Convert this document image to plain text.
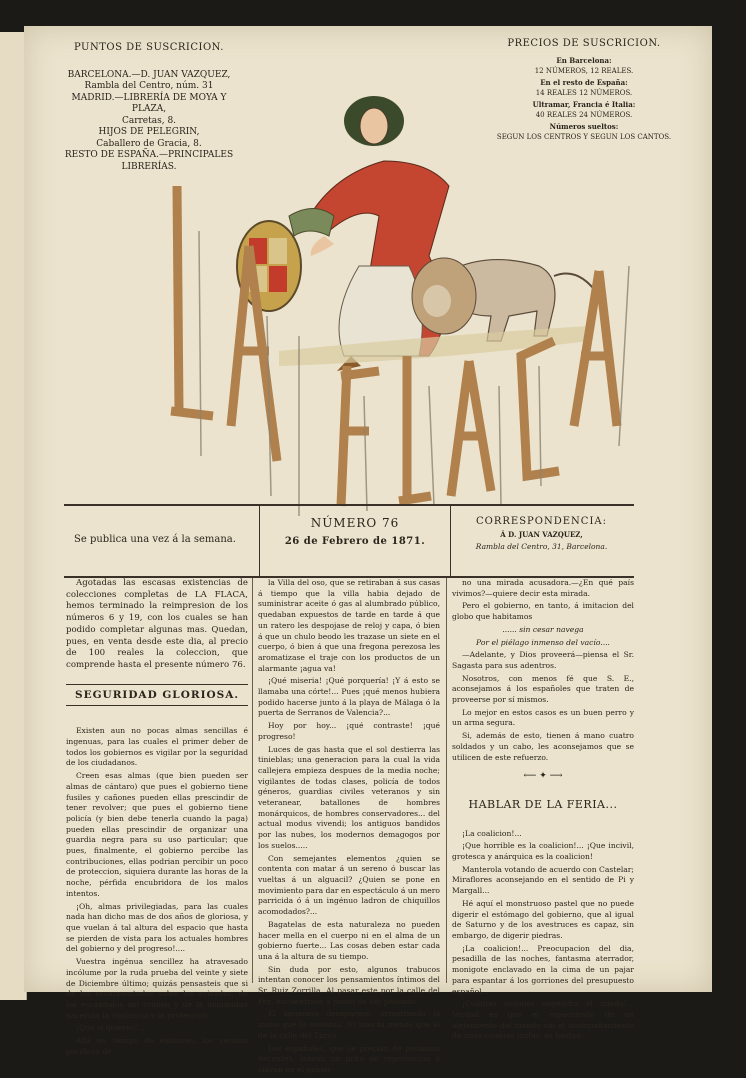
PUNTOS DE SUSCRICION.
BARCELONA.—D. JUAN VAZQUEZ,
Rambla del Centro, núm. 31
MADRID.—LIBRERÍA DE MOYA Y PLAZA,
Carretas, 8.
HIJOS DE PELEGRIN,
Caballero de Gracia, 8.
RESTO DE ESPAÑA.—PRINCIPALES
LIBRERÍAS.
PRECIOS DE SUSCRICION.
En Barcelona:
12 NÚMEROS, 12 REALES.
En el resto de España:
14 REALES 12 NÚMEROS.
Ultramar, Francia é Italia:
40 REALES 24 NÚMEROS.
Números sueltos:
SEGUN LOS CENTROS Y SEGUN LOS CANTOS.
LA FLACA
Se publica una vez á la semana.
NÚMERO 76
26 de Febrero de 1871.
CORRESPONDENCIA:
Á D. JUAN VAZQUEZ,
Rambla del Centro, 31, Barcelona.

Agotadas las escasas existencias de colecciones completas de LA FLACA, hemos terminado la reimpresion de los números 6 y 19, con los cuales se han podido completar algunas mas. Quedan, pues, en venta desde este dia, al precio de 100 reales la coleccion, que comprende hasta el presente número 76.

SEGURIDAD GLORIOSA.

Existen aun no pocas almas sencillas é ingenuas, para las cuales el primer deber de todos los gobiernos es vigilar por la seguridad de los ciudadanos.

Creen esas almas (que bien pueden ser almas de cántaro) que pues el gobierno tiene fusiles y cañones pueden ellas prescindir de tener revolver; que pues el gobierno tiene policía (y bien debe tenerla cuando la paga) pueden ellas prescindir de organizar una guardia negra para su uso particular; que pues, finalmente, el gobierno percibe las contribuciones, ellas podrian percibir un poco de proteccion, siquiera durante las horas de la noche, pérfida encubridora de los malos intentos.

¡Oh, almas privilegiadas, para las cuales nada han dicho mas de dos años de gloriosa, y que vuelan á tal altura del espacio que hasta se pierden de vista para los actuales hombres del gobierno y del progreso!....

Vuestra ingénua sencillez ha atravesado incólume por la ruda prueba del veinte y siete de Diciembre último; quizás pensasteis que si de los escarmentados salen los avisados, de los escándalos del crímen y de la impunidad nacerian la vigilancia y la proteccion.

¡Que si quieres!...

Allá en tiempo de entonces, los vecinos pacíficos de

la Villa del oso, que se retiraban á sus casas á tiempo que la villa habia dejado de suministrar aceite ó gas al alumbrado público, quedaban expuestos de tarde en tarde á que un ratero les despojase de reloj y capa, ó bien á que un chulo beodo les trazase un siete en el cuerpo, ó bien á que una fregona perezosa les aromatizase el traje con los productos de un alarmante ¡agua va!

¡Qué miseria! ¡Qué porquería! ¡Y á esto se llamaba una córte!... Pues ¡qué menos hubiera podido hacerse junto á la playa de Málaga ó la puerta de Serranos de Valencia?...

Hoy por hoy... ¡qué contraste! ¡qué progreso!

Luces de gas hasta que el sol destierra las tinieblas; una generacion para la cual la vida callejera empieza despues de la media noche; vigilantes de todas clases, policía de todos géneros, guardias civiles veteranos y sin veteranear, batallones de hombres monárquicos, de hombres conservadores... del actual modus vivendi; los antiguos bandidos por las nubes, los modernos demagogos por los suelos.....

Con semejantes elementos ¿quien se contenta con matar á un sereno ó buscar las vueltas á un alguacil? ¿Quien se pone en movimiento para dar en espectáculo á un mero parricida ó á un ingénuo ladron de chiquillos acomodados?...

Bagatelas de esta naturaleza no pueden hacer mella en el cuerpo ni en el alma de un gobierno fuerte... Las cosas deben estar cada una á la altura de su tiempo.

Sin duda por esto, algunos trabucos intentan conocer los pensamientos íntimos del Sr. Ruiz Zorrilla. Al pasar este por la calle del Pez, encuéntrase á punto de ser pescado.

El aguacero desaparece, arrastrando la mano que lo sostenía. Ni mas ni menos que lo de la calle del Turco.

Los españoles, que se precian de personas decentes, lanzan un grito de reprobacion y clavan en el gobier-

no una mirada acusadora.—¿En qué país vivimos?—quiere decir esta mirada.

Pero el gobierno, en tanto, á imitacion del globo que habitamos

...... sin cesar navega

Por el piélago inmenso del vacío....

—Adelante, y Dios proveerá—piensa el Sr. Sagasta para sus adentros.

Nosotros, con menos fé que S. E., aconsejamos á los españoles que traten de proveerse por sí mismos.

Lo mejor en estos casos es un buen perro y un arma segura.

Si, además de esto, tienen á mano cuatro soldados y un cabo, les aconsejamos que se utilicen de este refuerzo.

⟵ ✦ ⟶
HABLAR DE LA FERIA...

¡La coalicion!...

¡Que horrible es la coalicion!... ¡Que incivil, grotesca y anárquica es la coalicion!

Manterola votando de acuerdo con Castelar; Miraflores aconsejando en el sentido de Pi y Margall...

Hé aquí el monstruoso pastel que no puede digerir el estómago del gobierno, que al igual de Saturno y de los avestruces es capaz, sin embargo, de digerir piedras.

¡La coalicion!... Preocupacion del dia, pesadilla de las noches, fantasma aterrador, monigote enclavado en la cima de un pajar para espantar á los gorriones del presupuesto español...

¡Cuántas visiones engendra el miedo!... Verdad es que el espectáculo de un alejamiento del mando sin el acompañamiento de unas cuantas trufas, es bastan-
